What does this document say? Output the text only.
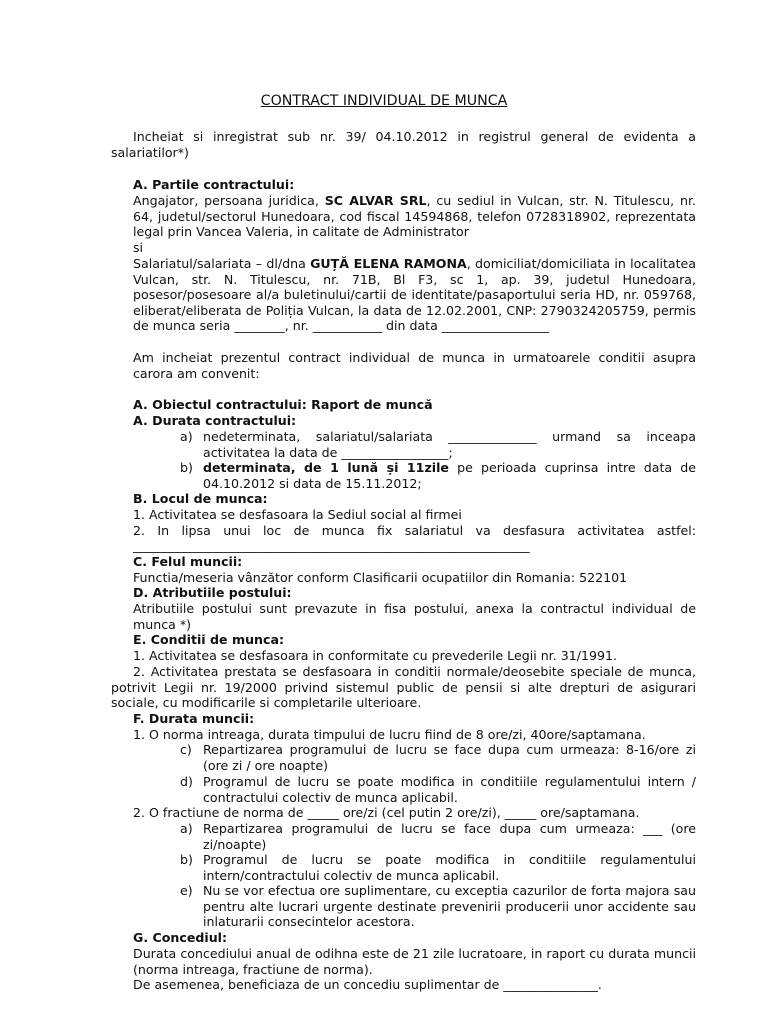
CONTRACT INDIVIDUAL DE MUNCA

Incheiat si inregistrat sub nr. 39/ 04.10.2012 in registrul general de evidenta a salariatilor*)

A. Partile contractului:

Angajator, persoana juridica, SC ALVAR SRL, cu sediul in Vulcan, str. N. Titulescu, nr. 64, judetul/sectorul Hunedoara, cod fiscal 14594868, telefon 0728318902, reprezentata legal prin Vancea Valeria, in calitate de Administrator

si

Salariatul/salariata – dl/dna GUȚĂ ELENA RAMONA, domiciliat/domiciliata in localitatea Vulcan, str. N. Titulescu, nr. 71B, Bl F3, sc 1, ap. 39, judetul Hunedoara, posesor/posesoare al/a buletinului/cartii de identitate/pasaportului seria HD, nr. 059768, eliberat/eliberata de Poliția Vulcan, la data de 12.02.2001, CNP: 2790324205759, permis de munca seria ________, nr. ___________ din data _________________

Am incheiat prezentul contract individual de munca in urmatoarele conditii asupra carora am convenit:

A. Obiectul contractului: Raport de muncă

A. Durata contractului:

a) nedeterminata, salariatul/salariata ______________ urmand sa inceapa activitatea la data de _________________;

b) determinata, de 1 lună și 11zile pe perioada cuprinsa intre data de 04.10.2012 si data de 15.11.2012;

B. Locul de munca:

1. Activitatea se desfasoara la Sediul social al firmei

2. In lipsa unui loc de munca fix salariatul va desfasura activitatea astfel:

_______________________________________________________________

C. Felul muncii:

Functia/meseria vânzător conform Clasificarii ocupatiilor din Romania: 522101

D. Atributiile postului:

Atributiile postului sunt prevazute in fisa postului, anexa la contractul individual de munca *)

E. Conditii de munca:

1. Activitatea se desfasoara in conformitate cu prevederile Legii nr. 31/1991.

2. Activitatea prestata se desfasoara in conditii normale/deosebite speciale de munca, potrivit Legii nr. 19/2000 privind sistemul public de pensii si alte drepturi de asigurari sociale, cu modificarile si completarile ulterioare.

F. Durata muncii:

1. O norma intreaga, durata timpului de lucru fiind de 8 ore/zi, 40ore/saptamana.

c) Repartizarea programului de lucru se face dupa cum urmeaza: 8-16/ore zi (ore zi / ore noapte)

d) Programul de lucru se poate modifica in conditiile regulamentului intern / contractului colectiv de munca aplicabil.

2. O fractiune de norma de _____ ore/zi (cel putin 2 ore/zi), _____ ore/saptamana.

a) Repartizarea programului de lucru se face dupa cum urmeaza: ___ (ore zi/noapte)

b) Programul de lucru se poate modifica in conditiile regulamentului intern/contractului colectiv de munca aplicabil.

e) Nu se vor efectua ore suplimentare, cu exceptia cazurilor de forta majora sau pentru alte lucrari urgente destinate prevenirii producerii unor accidente sau inlaturarii consecintelor acestora.

G. Concediul:

Durata concediului anual de odihna este de 21 zile lucratoare, in raport cu durata muncii (norma intreaga, fractiune de norma).

De asemenea, beneficiaza de un concediu suplimentar de _______________.
